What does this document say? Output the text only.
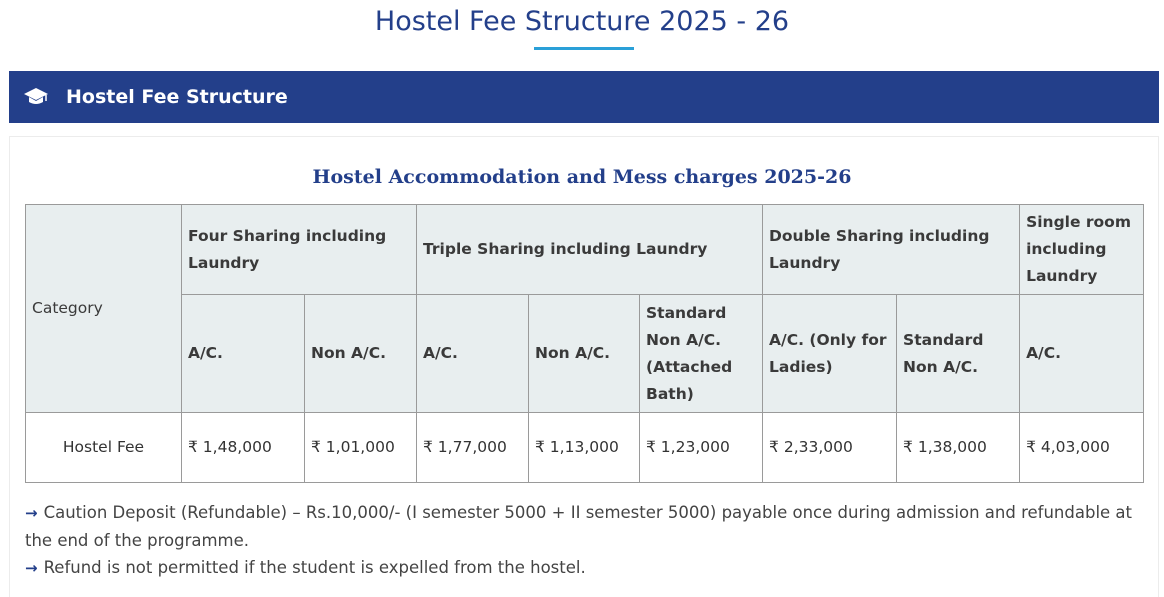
Hostel Fee Structure 2025 - 26
Hostel Fee Structure
Hostel Accommodation and Mess charges 2025-26
Category	Four Sharing including Laundry		Triple Sharing including Laundry			Double Sharing including Laundry		Single room including Laundry
	A/C.	Non A/C.	A/C.	Non A/C.	Standard Non A/C. (Attached Bath)	A/C. (Only for Ladies)	Standard Non A/C.	A/C.
Hostel Fee	₹ 1,48,000	₹ 1,01,000	₹ 1,77,000	₹ 1,13,000	₹ 1,23,000	₹ 2,33,000	₹ 1,38,000	₹ 4,03,000

→ Caution Deposit (Refundable) – Rs.10,000/- (I semester 5000 + II semester 5000) payable once during admission and refundable at the end of the programme.

→ Refund is not permitted if the student is expelled from the hostel.
